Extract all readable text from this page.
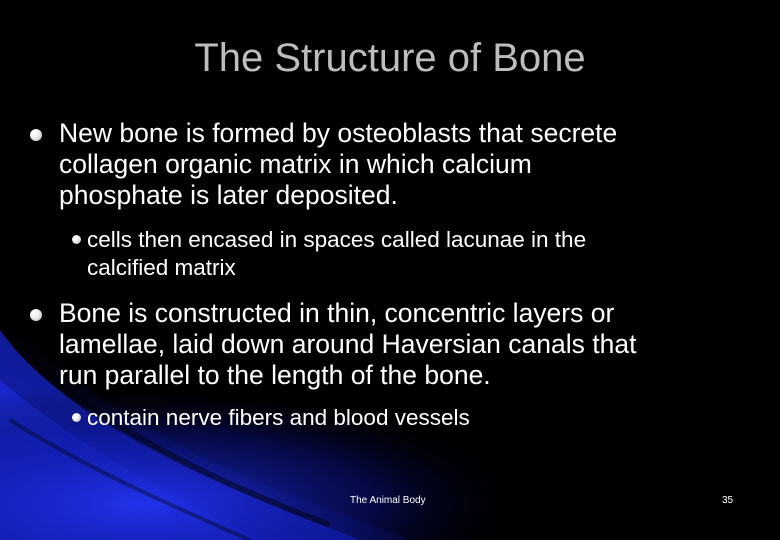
The Structure of Bone
New bone is formed by osteoblasts that secrete
collagen organic matrix in which calcium
phosphate is later deposited.
cells then encased in spaces called lacunae in the
calcified matrix
Bone is constructed in thin, concentric layers or
lamellae, laid down around Haversian canals that
run parallel to the length of the bone.
contain nerve fibers and blood vessels
The Animal Body	35
